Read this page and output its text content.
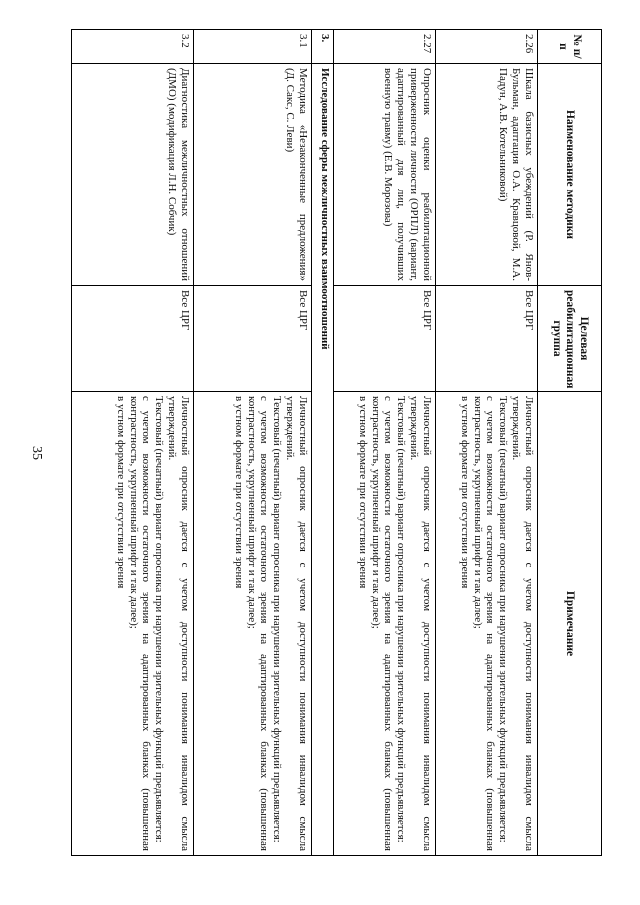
35
№ п/п	Наименование методики	Целевая реабилитационная группа	Примечание
2.26	Шкала базисных убеждений (Р. Янов-Бульман, адаптация О.А. Кравцовой, М.А. Падун, А.В. Котельниковой)	Все ЦРГ	Личностный опросник дается с учетом доступности понимания инвалидом смысла утверждений.
Текстовый (печатный) вариант опросника при нарушении зрительных функций предъявляется:
с учетом возможности остаточного зрения на адаптированных бланках (повышенная контрастность, укрупненный шрифт и так далее);
в устном формате при отсутствии зрения

2.27	Опросник оценки реабилитационной приверженности личности (ОРПЛ) (вариант, адаптированный для лиц, получивших военную травму) (Е.В. Морозова)	Все ЦРГ	Личностный опросник дается с учетом доступности понимания инвалидом смысла утверждений.
Текстовый (печатный) вариант опросника при нарушении зрительных функций предъявляется:
с учетом возможности остаточного зрения на адаптированных бланках (повышенная контрастность, укрупненный шрифт и так далее);
в устном формате при отсутствии зрения

3.	Исследование сферы межличностных взаимоотношений		
3.1	Методика «Незаконченные предложения» (Д. Сакс, С. Леви)	Все ЦРГ	Личностный опросник дается с учетом доступности понимания инвалидом смысла утверждений.
Текстовый (печатный) вариант опросника при нарушении зрительных функций предъявляется:
с учетом возможности остаточного зрения на адаптированных бланках (повышенная контрастность, укрупненный шрифт и так далее);
в устном формате при отсутствии зрения

3.2	Диагностика межличностных отношений (ДМО) (модификация Л.Н. Собчик)	Все ЦРГ	Личностный опросник дается с учетом доступности понимания инвалидом смысла утверждений.
Текстовый (печатный) вариант опросника при нарушении зрительных функций предъявляется:
с учетом возможности остаточного зрения на адаптированных бланках (повышенная контрастность, укрупненный шрифт и так далее);
в устном формате при отсутствии зрения
